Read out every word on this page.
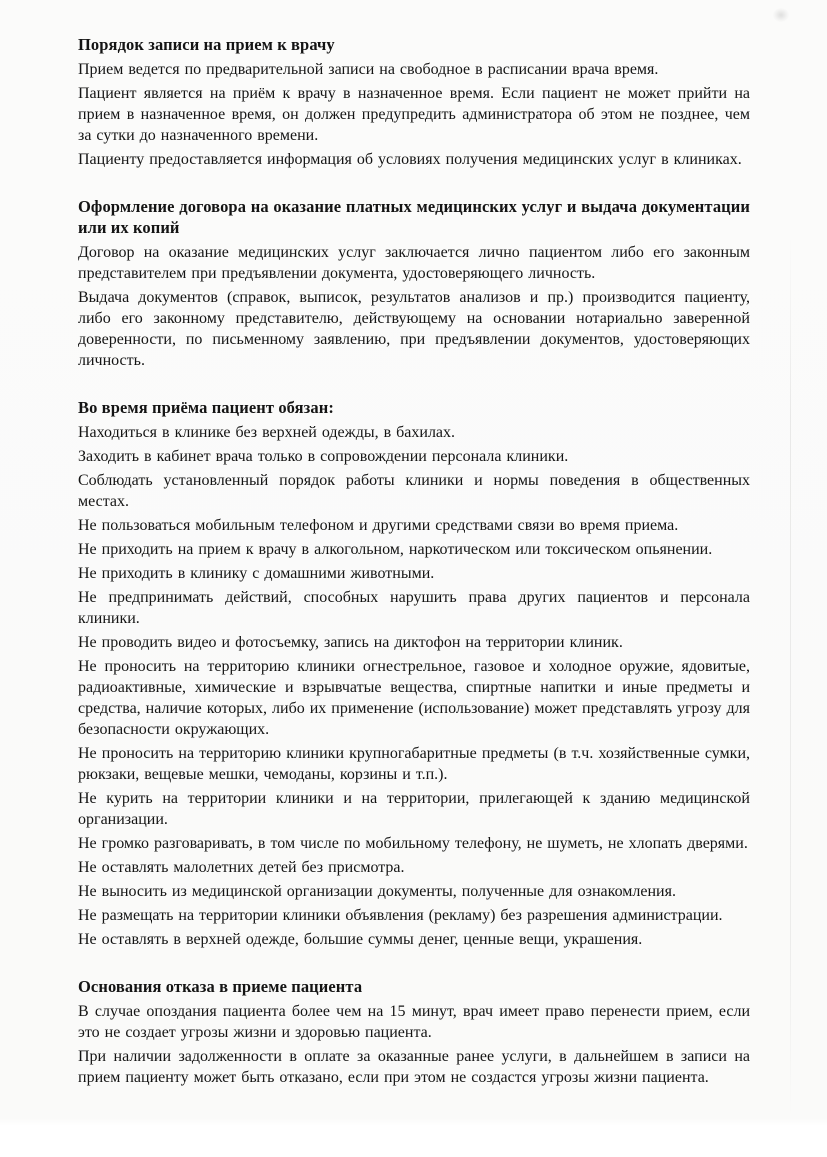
Порядок записи на прием к врачу

Прием ведется по предварительной записи на свободное в расписании врача время.

Пациент является на приём к врачу в назначенное время. Если пациент не может прийти на прием в назначенное время, он должен предупредить администратора об этом не позднее, чем за сутки до назначенного времени.

Пациенту предоставляется информация об условиях получения медицинских услуг в клиниках.

Оформление договора на оказание платных медицинских услуг и выдача документации или их копий

Договор на оказание медицинских услуг заключается лично пациентом либо его законным представителем при предъявлении документа, удостоверяющего личность.

Выдача документов (справок, выписок, результатов анализов и пр.) производится пациенту, либо его законному представителю, действующему на основании нотариально заверенной доверенности, по письменному заявлению, при предъявлении документов, удостоверяющих личность.

Во время приёма пациент обязан:

Находиться в клинике без верхней одежды, в бахилах.

Заходить в кабинет врача только в сопровождении персонала клиники.

Соблюдать установленный порядок работы клиники и нормы поведения в общественных местах.

Не пользоваться мобильным телефоном и другими средствами связи во время приема.

Не приходить на прием к врачу в алкогольном, наркотическом или токсическом опьянении.

Не приходить в клинику с домашними животными.

Не предпринимать действий, способных нарушить права других пациентов и персонала клиники.

Не проводить видео и фотосъемку, запись на диктофон на территории клиник.

Не проносить на территорию клиники огнестрельное, газовое и холодное оружие, ядовитые, радиоактивные, химические и взрывчатые вещества, спиртные напитки и иные предметы и средства, наличие которых, либо их применение (использование) может представлять угрозу для безопасности окружающих.

Не проносить на территорию клиники крупногабаритные предметы (в т.ч. хозяйственные сумки, рюкзаки, вещевые мешки, чемоданы, корзины и т.п.).

Не курить на территории клиники и на территории, прилегающей к зданию медицинской организации.

Не громко разговаривать, в том числе по мобильному телефону, не шуметь, не хлопать дверями.

Не оставлять малолетних детей без присмотра.

Не выносить из медицинской организации документы, полученные для ознакомления.

Не размещать на территории клиники объявления (рекламу) без разрешения администрации.

Не оставлять в верхней одежде, большие суммы денег, ценные вещи, украшения.

Основания отказа в приеме пациента

В случае опоздания пациента более чем на 15 минут, врач имеет право перенести прием, если это не создает угрозы жизни и здоровью пациента.

При наличии задолженности в оплате за оказанные ранее услуги, в дальнейшем в записи на прием пациенту может быть отказано, если при этом не создастся угрозы жизни пациента.
